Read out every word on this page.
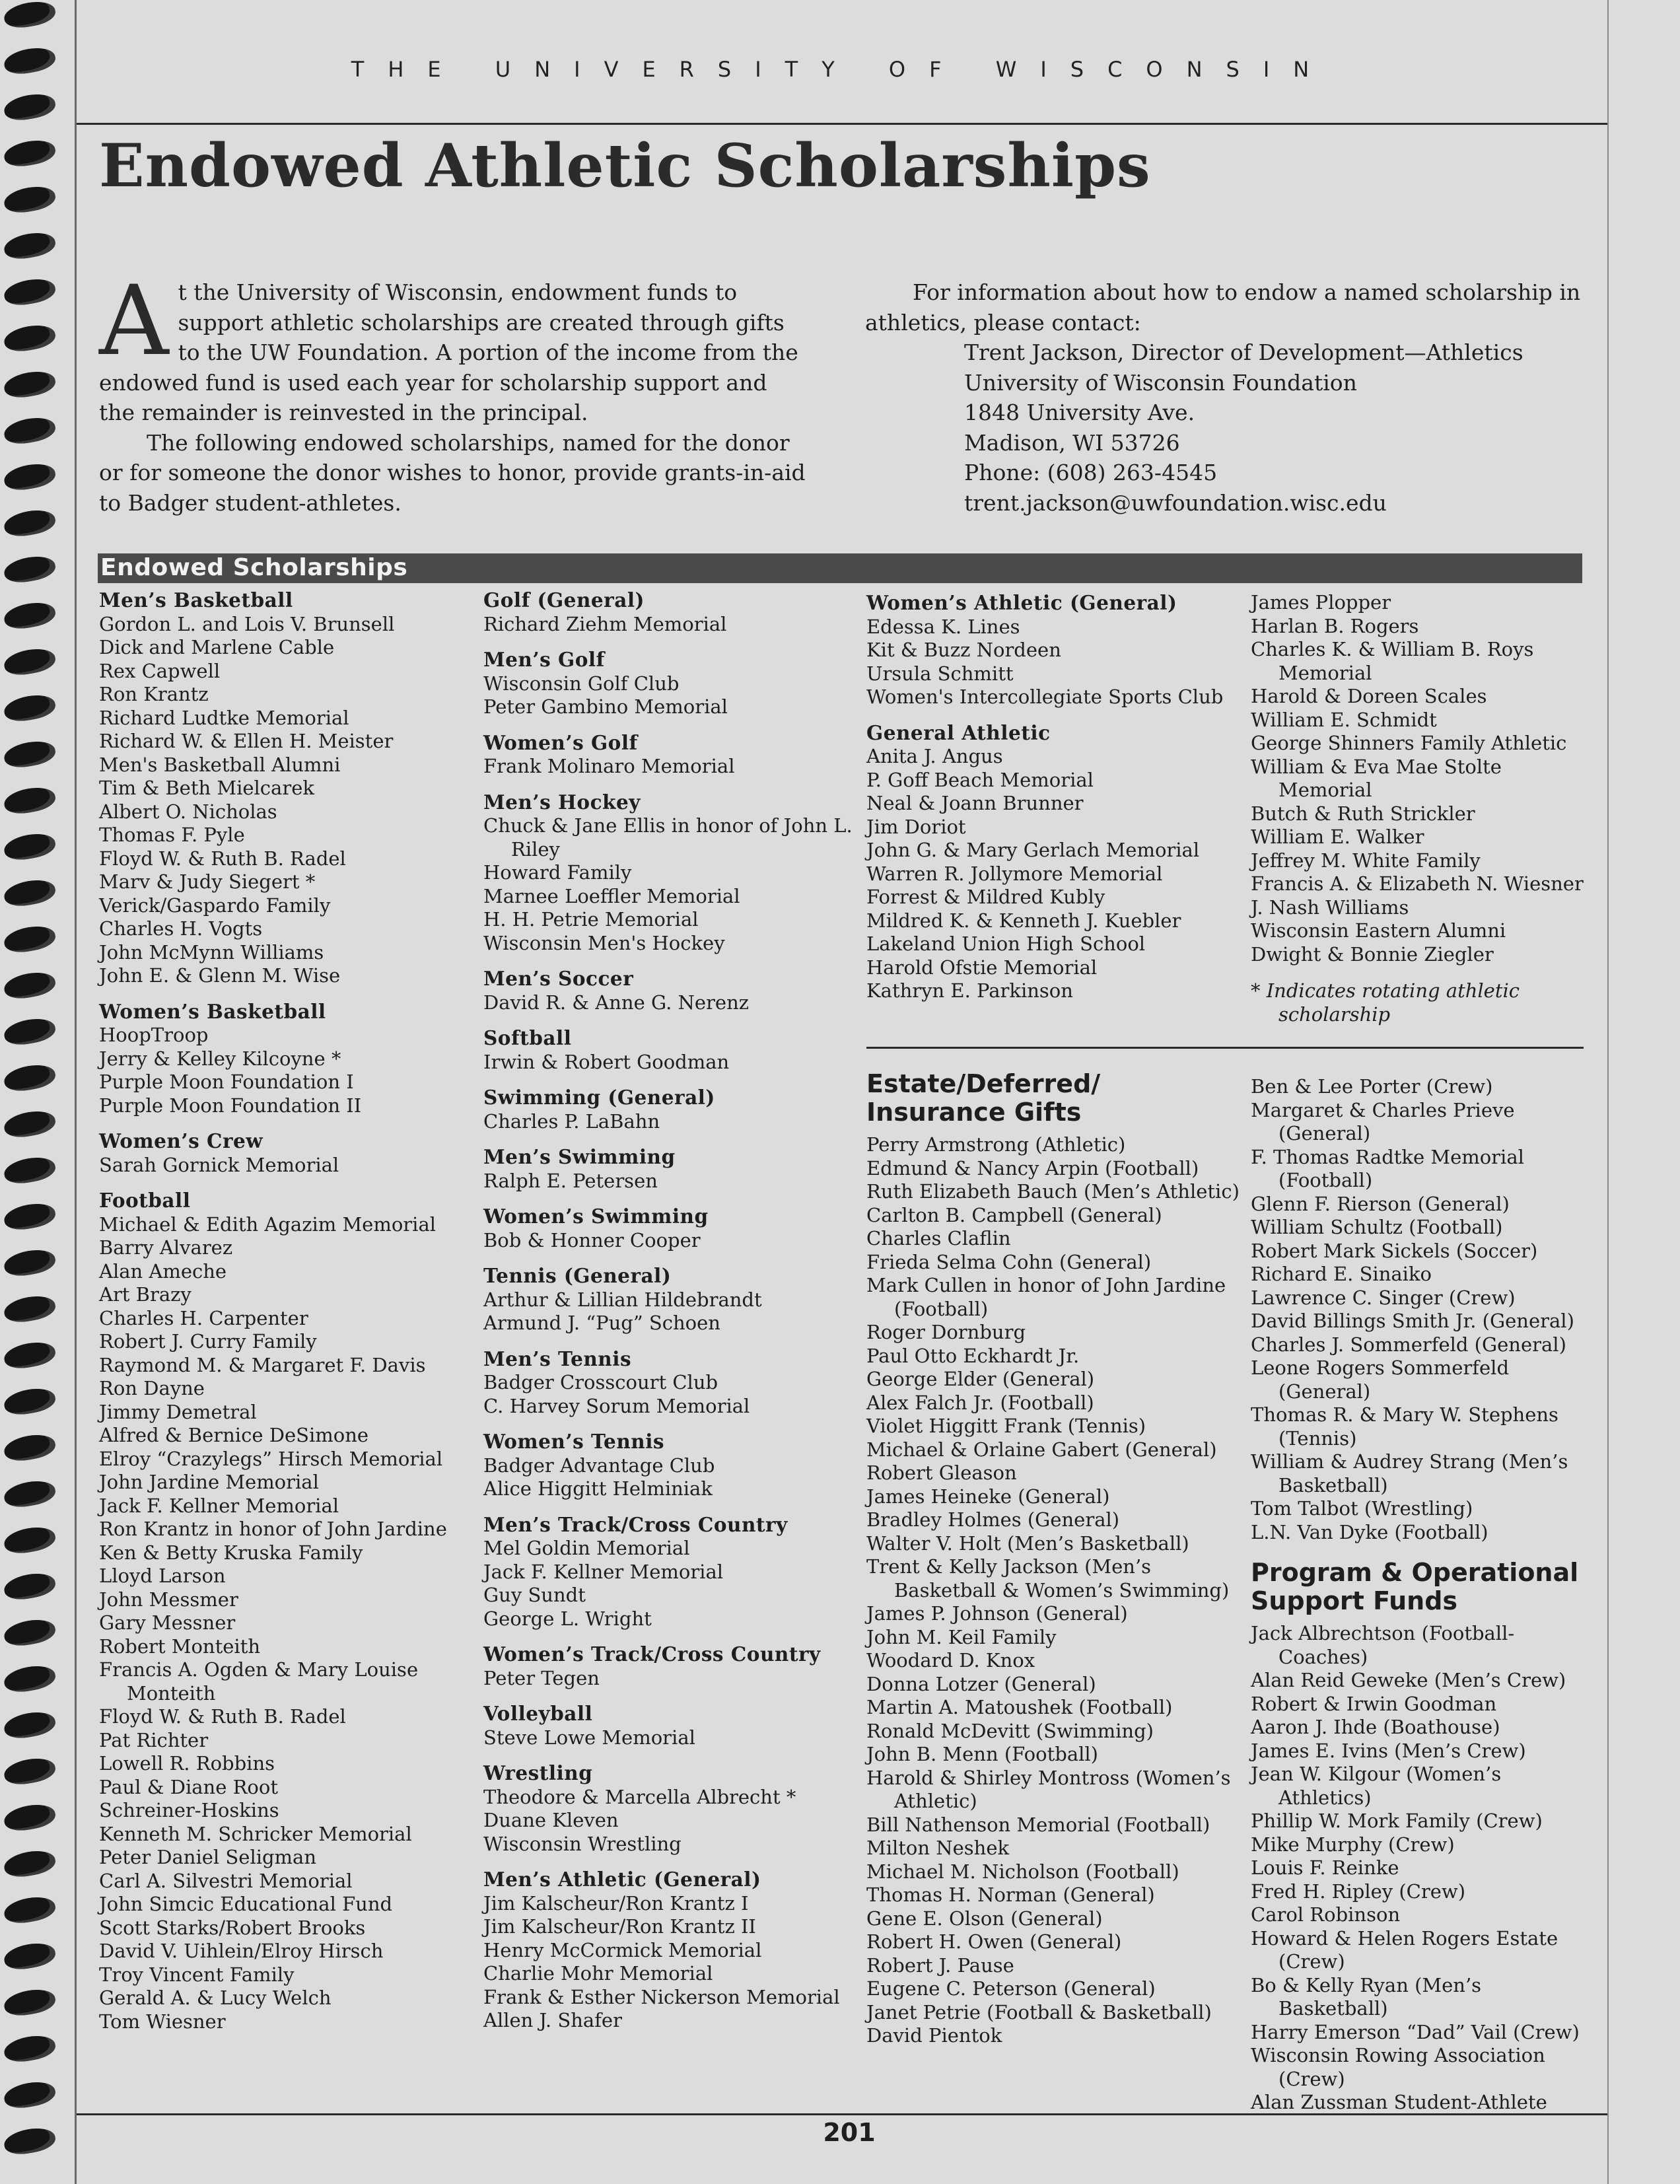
THE UNIVERSITY OF WISCONSIN
Endowed Athletic Scholarships

At the University of Wisconsin, endowment funds to support athletic scholarships are created through gifts to the UW Foundation. A portion of the income from the endowed fund is used each year for scholarship support and the remainder is reinvested in the principal.

The following endowed scholarships, named for the donor or for someone the donor wishes to honor, provide grants-in-aid to Badger student-athletes.

For information about how to endow a named scholarship in athletics, please contact:

Trent Jackson, Director of Development—Athletics
University of Wisconsin Foundation
1848 University Ave.
Madison, WI 53726
Phone: (608) 263-4545
trent.jackson@uwfoundation.wisc.edu
Endowed Scholarships
Men’s Basketball
Gordon L. and Lois V. Brunsell
Dick and Marlene Cable
Rex Capwell
Ron Krantz
Richard Ludtke Memorial
Richard W. & Ellen H. Meister
Men's Basketball Alumni
Tim & Beth Mielcarek
Albert O. Nicholas
Thomas F. Pyle
Floyd W. & Ruth B. Radel
Marv & Judy Siegert *
Verick/Gaspardo Family
Charles H. Vogts
John McMynn Williams
John E. & Glenn M. Wise
Women’s Basketball
HoopTroop
Jerry & Kelley Kilcoyne *
Purple Moon Foundation I
Purple Moon Foundation II
Women’s Crew
Sarah Gornick Memorial
Football
Michael & Edith Agazim Memorial
Barry Alvarez
Alan Ameche
Art Brazy
Charles H. Carpenter
Robert J. Curry Family
Raymond M. & Margaret F. Davis
Ron Dayne
Jimmy Demetral
Alfred & Bernice DeSimone
Elroy “Crazylegs” Hirsch Memorial
John Jardine Memorial
Jack F. Kellner Memorial
Ron Krantz in honor of John Jardine
Ken & Betty Kruska Family
Lloyd Larson
John Messmer
Gary Messner
Robert Monteith
Francis A. Ogden & Mary Louise Monteith
Floyd W. & Ruth B. Radel
Pat Richter
Lowell R. Robbins
Paul & Diane Root
Schreiner-Hoskins
Kenneth M. Schricker Memorial
Peter Daniel Seligman
Carl A. Silvestri Memorial
John Simcic Educational Fund
Scott Starks/Robert Brooks
David V. Uihlein/Elroy Hirsch
Troy Vincent Family
Gerald A. & Lucy Welch
Tom Wiesner
Golf (General)
Richard Ziehm Memorial
Men’s Golf
Wisconsin Golf Club
Peter Gambino Memorial
Women’s Golf
Frank Molinaro Memorial
Men’s Hockey
Chuck & Jane Ellis in honor of John L. Riley
Howard Family
Marnee Loeffler Memorial
H. H. Petrie Memorial
Wisconsin Men's Hockey
Men’s Soccer
David R. & Anne G. Nerenz
Softball
Irwin & Robert Goodman
Swimming (General)
Charles P. LaBahn
Men’s Swimming
Ralph E. Petersen
Women’s Swimming
Bob & Honner Cooper
Tennis (General)
Arthur & Lillian Hildebrandt
Armund J. “Pug” Schoen
Men’s Tennis
Badger Crosscourt Club
C. Harvey Sorum Memorial
Women’s Tennis
Badger Advantage Club
Alice Higgitt Helminiak
Men’s Track/Cross Country
Mel Goldin Memorial
Jack F. Kellner Memorial
Guy Sundt
George L. Wright
Women’s Track/Cross Country
Peter Tegen
Volleyball
Steve Lowe Memorial
Wrestling
Theodore & Marcella Albrecht *
Duane Kleven
Wisconsin Wrestling
Men’s Athletic (General)
Jim Kalscheur/Ron Krantz I
Jim Kalscheur/Ron Krantz II
Henry McCormick Memorial
Charlie Mohr Memorial
Frank & Esther Nickerson Memorial
Allen J. Shafer
Women’s Athletic (General)
Edessa K. Lines
Kit & Buzz Nordeen
Ursula Schmitt
Women's Intercollegiate Sports Club
General Athletic
Anita J. Angus
P. Goff Beach Memorial
Neal & Joann Brunner
Jim Doriot
John G. & Mary Gerlach Memorial
Warren R. Jollymore Memorial
Forrest & Mildred Kubly
Mildred K. & Kenneth J. Kuebler
Lakeland Union High School
Harold Ofstie Memorial
Kathryn E. Parkinson
James Plopper
Harlan B. Rogers
Charles K. & William B. Roys Memorial
Harold & Doreen Scales
William E. Schmidt
George Shinners Family Athletic
William & Eva Mae Stolte Memorial
Butch & Ruth Strickler
William E. Walker
Jeffrey M. White Family
Francis A. & Elizabeth N. Wiesner
J. Nash Williams
Wisconsin Eastern Alumni
Dwight & Bonnie Ziegler
* Indicates rotating athletic scholarship
Estate/Deferred/ Insurance Gifts
Perry Armstrong (Athletic)
Edmund & Nancy Arpin (Football)
Ruth Elizabeth Bauch (Men’s Athletic)
Carlton B. Campbell (General)
Charles Claflin
Frieda Selma Cohn (General)
Mark Cullen in honor of John Jardine (Football)
Roger Dornburg
Paul Otto Eckhardt Jr.
George Elder (General)
Alex Falch Jr. (Football)
Violet Higgitt Frank (Tennis)
Michael & Orlaine Gabert (General)
Robert Gleason
James Heineke (General)
Bradley Holmes (General)
Walter V. Holt (Men’s Basketball)
Trent & Kelly Jackson (Men’s Basketball & Women’s Swimming)
James P. Johnson (General)
John M. Keil Family
Woodard D. Knox
Donna Lotzer (General)
Martin A. Matoushek (Football)
Ronald McDevitt (Swimming)
John B. Menn (Football)
Harold & Shirley Montross (Women’s Athletic)
Bill Nathenson Memorial (Football)
Milton Neshek
Michael M. Nicholson (Football)
Thomas H. Norman (General)
Gene E. Olson (General)
Robert H. Owen (General)
Robert J. Pause
Eugene C. Peterson (General)
Janet Petrie (Football & Basketball)
David Pientok
Ben & Lee Porter (Crew)
Margaret & Charles Prieve (General)
F. Thomas Radtke Memorial (Football)
Glenn F. Rierson (General)
William Schultz (Football)
Robert Mark Sickels (Soccer)
Richard E. Sinaiko
Lawrence C. Singer (Crew)
David Billings Smith Jr. (General)
Charles J. Sommerfeld (General)
Leone Rogers Sommerfeld (General)
Thomas R. & Mary W. Stephens (Tennis)
William & Audrey Strang (Men’s Basketball)
Tom Talbot (Wrestling)
L.N. Van Dyke (Football)
Program & Operational Support Funds
Jack Albrechtson (Football-Coaches)
Alan Reid Geweke (Men’s Crew)
Robert & Irwin Goodman
Aaron J. Ihde (Boathouse)
James E. Ivins (Men’s Crew)
Jean W. Kilgour (Women’s Athletics)
Phillip W. Mork Family (Crew)
Mike Murphy (Crew)
Louis F. Reinke
Fred H. Ripley (Crew)
Carol Robinson
Howard & Helen Rogers Estate (Crew)
Bo & Kelly Ryan (Men’s Basketball)
Harry Emerson “Dad” Vail (Crew)
Wisconsin Rowing Association (Crew)
Alan Zussman Student-Athlete
201
